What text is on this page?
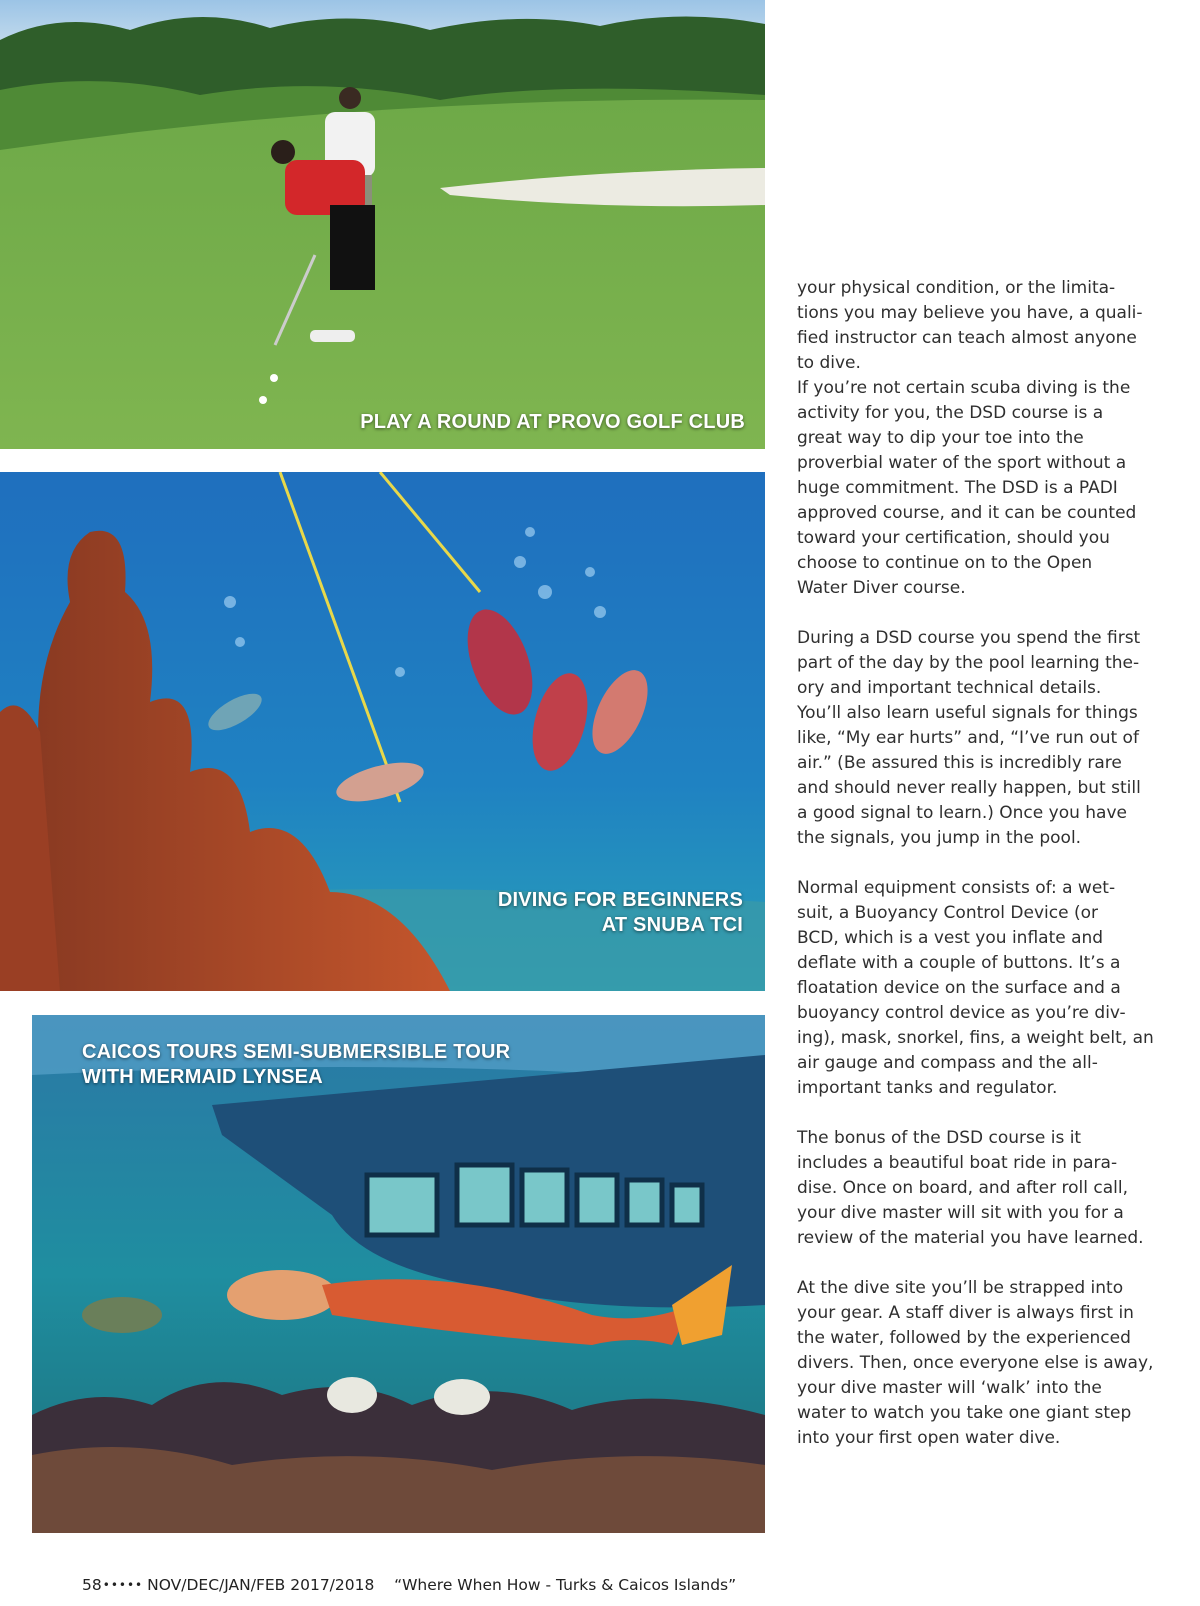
PLAY A ROUND AT PROVO GOLF CLUB
DIVING FOR BEGINNERS
AT SNUBA TCI
CAICOS TOURS SEMI-SUBMERSIBLE TOUR
WITH MERMAID LYNSEA
your physical condition, or the limita-
tions you may believe you have, a quali-
fied instructor can teach almost anyone
to dive.
If you’re not certain scuba diving is the
activity for you, the DSD course is a
great way to dip your toe into the
proverbial water of the sport without a
huge commitment. The DSD is a PADI
approved course, and it can be counted
toward your certification, should you
choose to continue on to the Open
Water Diver course.
During a DSD course you spend the first
part of the day by the pool learning the-
ory and important technical details.
You’ll also learn useful signals for things
like, “My ear hurts” and, “I’ve run out of
air.” (Be assured this is incredibly rare
and should never really happen, but still
a good signal to learn.) Once you have
the signals, you jump in the pool.
Normal equipment consists of: a wet-
suit, a Buoyancy Control Device (or
BCD, which is a vest you inflate and
deflate with a couple of buttons. It’s a
floatation device on the surface and a
buoyancy control device as you’re div-
ing), mask, snorkel, fins, a weight belt, an
air gauge and compass and the all-
important tanks and regulator.
The bonus of the DSD course is it
includes a beautiful boat ride in para-
dise. Once on board, and after roll call,
your dive master will sit with you for a
review of the material you have learned.
At the dive site you’ll be strapped into
your gear. A staff diver is always first in
the water, followed by the experienced
divers. Then, once everyone else is away,
your dive master will ‘walk’ into the
water to watch you take one giant step
into your first open water dive.
58••••• NOV/DEC/JAN/FEB 2017/2018 “Where When How - Turks & Caicos Islands”
